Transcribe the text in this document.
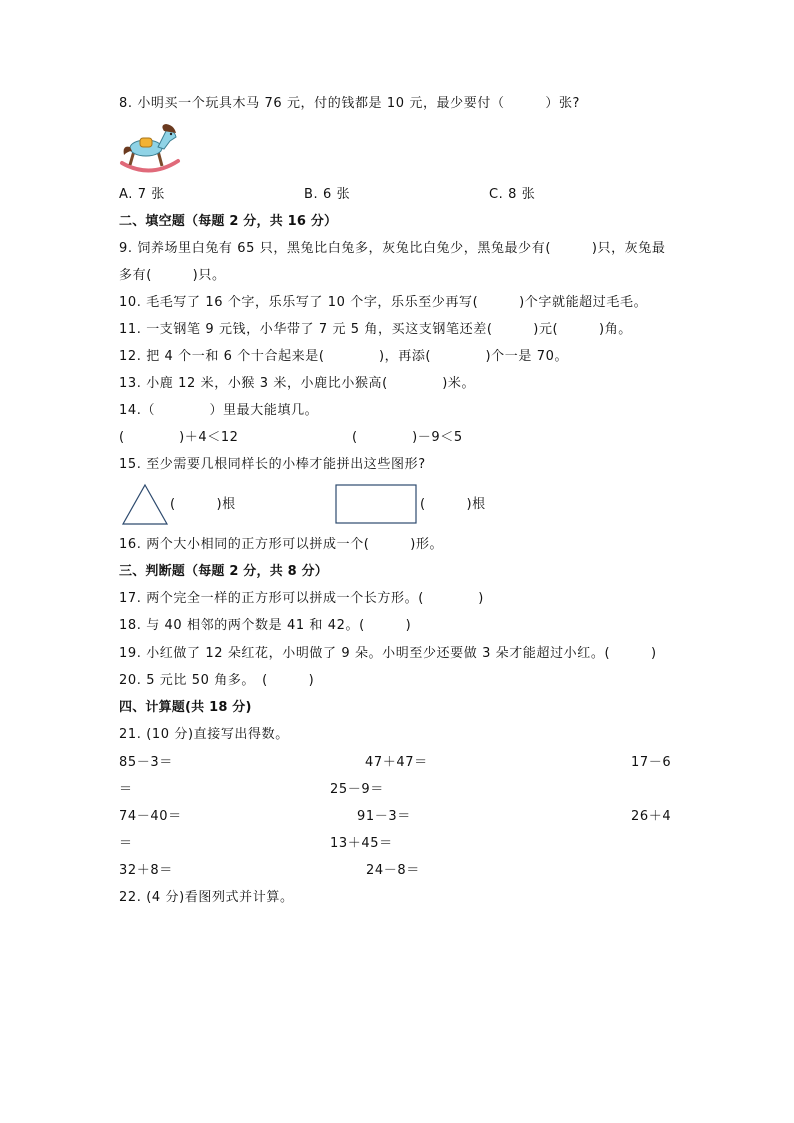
8. 小明买一个玩具木马 76 元，付的钱都是 10 元，最少要付（　　　）张?
A. 7 张	B. 6 张	C. 8 张
二、填空题（每题 2 分，共 16 分）
9. 饲养场里白兔有 65 只，黑兔比白兔多，灰兔比白兔少，黑兔最少有(　　　)只，灰兔最
多有(　　　)只。
10. 毛毛写了 16 个字，乐乐写了 10 个字，乐乐至少再写(　　　)个字就能超过毛毛。
11. 一支钢笔 9 元钱，小华带了 7 元 5 角，买这支钢笔还差(　　　)元(　　　)角。
12. 把 4 个一和 6 个十合起来是(　　　　)，再添(　　　　)个一是 70。
13. 小鹿 12 米，小猴 3 米，小鹿比小猴高(　　　　)米。
14.（　　　　）里最大能填几。
(　　　　)＋4＜12	(　　　　)－9＜5
15. 至少需要几根同样长的小棒才能拼出这些图形?
(　　　)根	(　　　)根
16. 两个大小相同的正方形可以拼成一个(　　　)形。
三、判断题（每题 2 分，共 8 分）
17. 两个完全一样的正方形可以拼成一个长方形。(　　　　)
18. 与 40 相邻的两个数是 41 和 42。(　　　)
19. 小红做了 12 朵红花，小明做了 9 朵。小明至少还要做 3 朵才能超过小红。(　　　)
20. 5 元比 50 角多。　(　　　)
四、计算题(共 18 分)
21. (10 分)直接写出得数。
85－3＝	47＋47＝	17－6
＝	25－9＝
74－40＝	91－3＝	26＋4
＝	13＋45＝
32＋8＝	24－8＝
22. (4 分)看图列式并计算。
